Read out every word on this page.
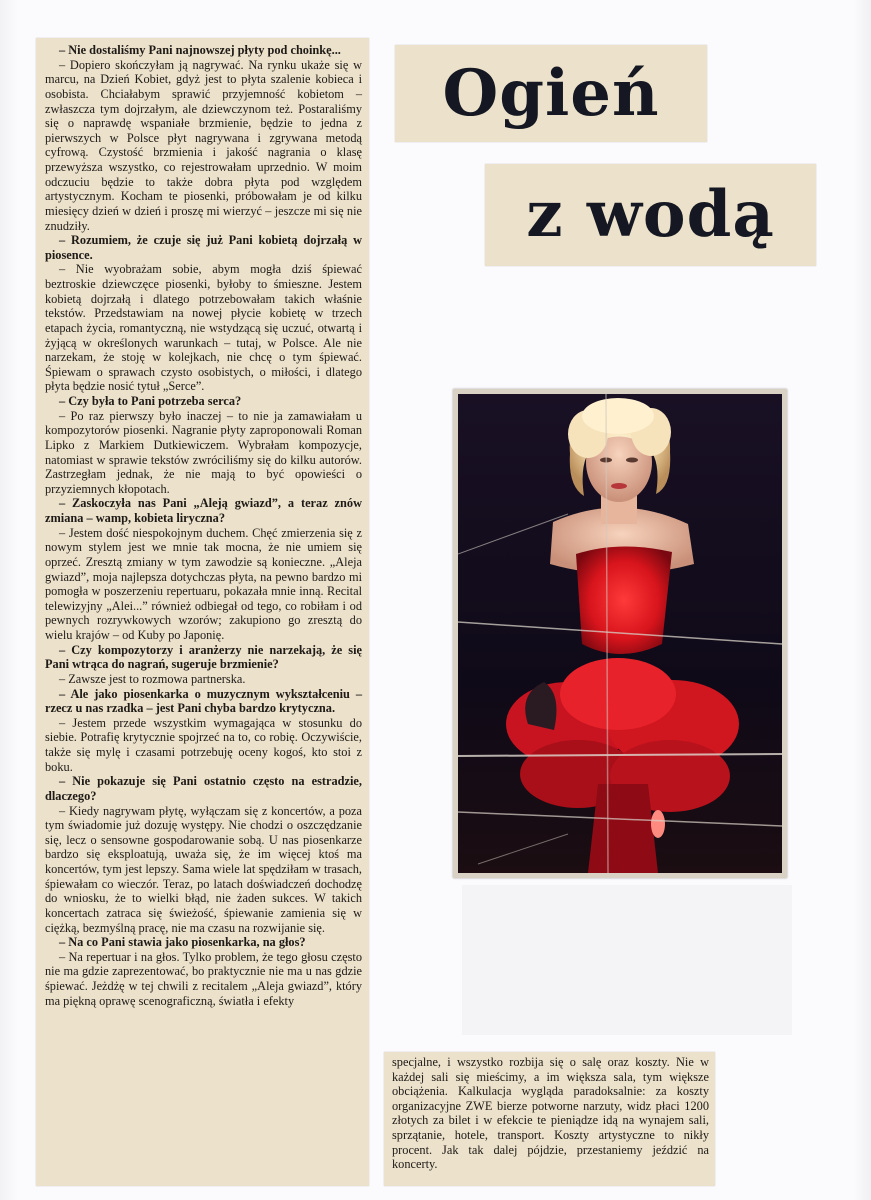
– Nie dostaliśmy Pani najnowszej płyty pod choinkę...

– Dopiero skończyłam ją nagrywać. Na rynku ukaże się w marcu, na Dzień Kobiet, gdyż jest to płyta szalenie kobieca i osobista. Chciałabym sprawić przyjemność kobietom – zwłaszcza tym dojrzałym, ale dziewczynom też. Postaraliśmy się o naprawdę wspaniałe brzmienie, będzie to jedna z pierwszych w Polsce płyt nagrywana i zgrywana metodą cyfrową. Czystość brzmienia i jakość nagrania o klasę przewyższa wszystko, co rejestrowałam uprzednio. W moim odczuciu będzie to także dobra płyta pod względem artystycznym. Kocham te piosenki, próbowałam je od kilku miesięcy dzień w dzień i proszę mi wierzyć – jeszcze mi się nie znudziły.

– Rozumiem, że czuje się już Pani kobietą dojrzałą w piosence.

– Nie wyobrażam sobie, abym mogła dziś śpiewać beztroskie dziewczęce piosenki, byłoby to śmieszne. Jestem kobietą dojrzałą i dlatego potrzebowałam takich właśnie tekstów. Przedstawiam na nowej płycie kobietę w trzech etapach życia, romantyczną, nie wstydzącą się uczuć, otwartą i żyjącą w określonych warunkach – tutaj, w Polsce. Ale nie narzekam, że stoję w kolejkach, nie chcę o tym śpiewać. Śpiewam o sprawach czysto osobistych, o miłości, i dlatego płyta będzie nosić tytuł „Serce”.

– Czy była to Pani potrzeba serca?

– Po raz pierwszy było inaczej – to nie ja zamawiałam u kompozytorów piosenki. Nagranie płyty zaproponowali Roman Lipko z Markiem Dutkiewiczem. Wybrałam kompozycje, natomiast w sprawie tekstów zwróciliśmy się do kilku autorów. Zastrzegłam jednak, że nie mają to być opowieści o przyziemnych kłopotach.

– Zaskoczyła nas Pani „Aleją gwiazd”, a teraz znów zmiana – wamp, kobieta liryczna?

– Jestem dość niespokojnym duchem. Chęć zmierzenia się z nowym stylem jest we mnie tak mocna, że nie umiem się oprzeć. Zresztą zmiany w tym zawodzie są konieczne. „Aleja gwiazd”, moja najlepsza dotychczas płyta, na pewno bardzo mi pomogła w poszerzeniu repertuaru, pokazała mnie inną. Recital telewizyjny „Alei...” również odbiegał od tego, co robiłam i od pewnych rozrywkowych wzorów; zakupiono go zresztą do wielu krajów – od Kuby po Japonię.

– Czy kompozytorzy i aranżerzy nie narzekają, że się Pani wtrąca do nagrań, sugeruje brzmienie?

– Zawsze jest to rozmowa partnerska.

– Ale jako piosenkarka o muzycznym wykształceniu – rzecz u nas rzadka – jest Pani chyba bardzo krytyczna.

– Jestem przede wszystkim wymagająca w stosunku do siebie. Potrafię krytycznie spojrzeć na to, co robię. Oczywiście, także się mylę i czasami potrzebuję oceny kogoś, kto stoi z boku.

– Nie pokazuje się Pani ostatnio często na estradzie, dlaczego?

– Kiedy nagrywam płytę, wyłączam się z koncertów, a poza tym świadomie już dozuję występy. Nie chodzi o oszczędzanie się, lecz o sensowne gospodarowanie sobą. U nas piosenkarze bardzo się eksploatują, uważa się, że im więcej ktoś ma koncertów, tym jest lepszy. Sama wiele lat spędziłam w trasach, śpiewałam co wieczór. Teraz, po latach doświadczeń dochodzę do wniosku, że to wielki błąd, nie żaden sukces. W takich koncertach zatraca się świeżość, śpiewanie zamienia się w ciężką, bezmyślną pracę, nie ma czasu na rozwijanie się.

– Na co Pani stawia jako piosenkarka, na głos?

– Na repertuar i na głos. Tylko problem, że tego głosu często nie ma gdzie zaprezentować, bo praktycznie nie ma u nas gdzie śpiewać. Jeżdżę w tej chwili z recitalem „Aleja gwiazd”, który ma piękną oprawę scenograficzną, światła i efekty

Ogień
z wodą

specjalne, i wszystko rozbija się o salę oraz koszty. Nie w każdej sali się mieścimy, a im większa sala, tym większe obciążenia. Kalkulacja wygląda paradoksalnie: za koszty organizacyjne ZWE bierze potworne narzuty, widz płaci 1200 złotych za bilet i w efekcie te pieniądze idą na wynajem sali, sprzątanie, hotele, transport. Koszty artystyczne to nikły procent. Jak tak dalej pójdzie, przestaniemy jeździć na koncerty.
